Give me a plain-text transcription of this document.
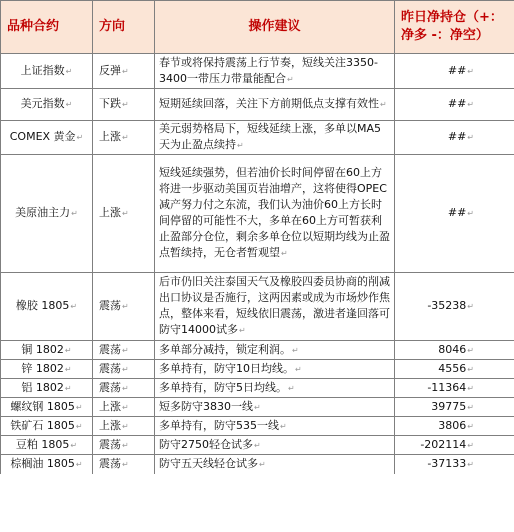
品种合约	方向	操作建议	昨日净持仓（+：净多 -：净空）
上证指数↵	反弹↵	春节或将保持震荡上行节奏，短线关注3350-3400一带压力带量能配合↵	##↵
美元指数↵	下跌↵	短期延续回落，关注下方前期低点支撑有效性↵	##↵
COMEX 黄金↵	上涨↵	美元弱势格局下，短线延续上涨，多单以MA5天为止盈点续持↵	##↵
美原油主力↵	上涨↵	短线延续强势，但若油价长时间停留在60上方将进一步驱动美国页岩油增产，这将使得OPEC减产努力付之东流，我们认为油价60上方长时间停留的可能性不大，多单在60上方可暂获利止盈部分仓位，剩余多单仓位以短期均线为止盈点暂续持，无仓者暂观望↵	##↵
橡胶 1805↵	震荡↵	后市仍旧关注泰国天气及橡胶四委员协商的削减出口协议是否施行，这两因素或成为市场炒作焦点，整体来看，短线依旧震荡，激进者逢回落可防守14000试多↵	-35238↵
铜 1802↵	震荡↵	多单部分减持，锁定利润。↵	8046↵
锌 1802↵	震荡↵	多单持有，防守10日均线。↵	4556↵
铝 1802↵	震荡↵	多单持有，防守5日均线。↵	-11364↵
螺纹钢 1805↵	上涨↵	短多防守3830一线↵	39775↵
铁矿石 1805↵	上涨↵	多单持有，防守535一线↵	3806↵
豆粕 1805↵	震荡↵	防守2750轻仓试多↵	-202114↵
棕榈油 1805↵	震荡↵	防守五天线轻仓试多↵	-37133↵
